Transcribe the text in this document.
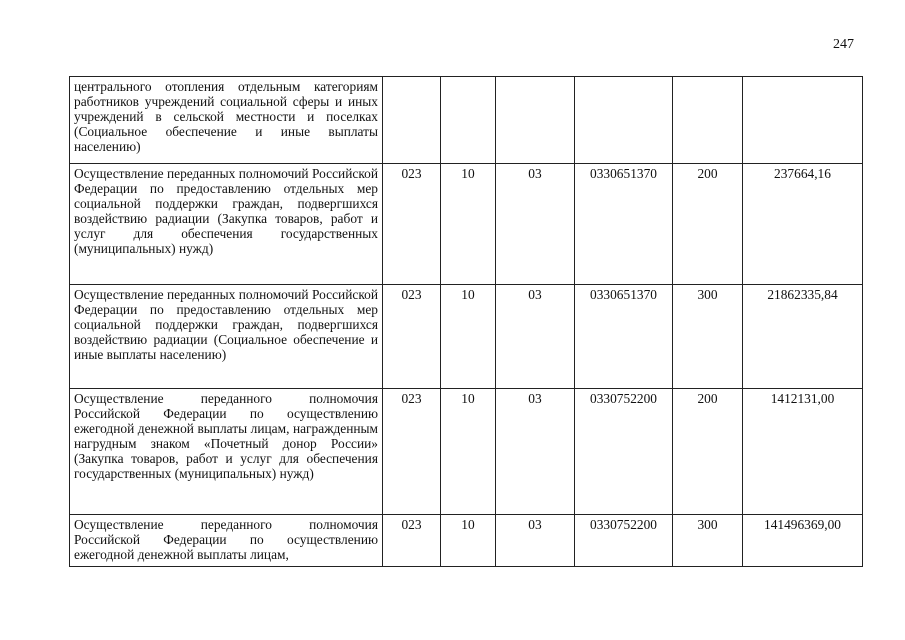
247
центрального отопления отдельным категориям работников учреждений социальной сферы и иных учреждений в сельской местности и поселках (Социальное обеспечение и иные выплаты населению)						
Осуществление переданных полномочий Российской Федерации по предоставлению отдельных мер социальной поддержки граждан, подвергшихся воздействию радиации (Закупка товаров, работ и услуг для обеспечения государственных (муниципальных) нужд)	023	10	03	0330651370	200	237664,16
Осуществление переданных полномочий Российской Федерации по предоставлению отдельных мер социальной поддержки граждан, подвергшихся воздействию радиации (Социальное обеспечение и иные выплаты населению)	023	10	03	0330651370	300	21862335,84
Осуществление переданного полномочия Российской Федерации по осуществлению ежегодной денежной выплаты лицам, награжденным нагрудным знаком «Почетный донор России» (Закупка товаров, работ и услуг для обеспечения государственных (муниципальных) нужд)	023	10	03	0330752200	200	1412131,00
Осуществление переданного полномочия Российской Федерации по осуществлению ежегодной денежной выплаты лицам,	023	10	03	0330752200	300	141496369,00
